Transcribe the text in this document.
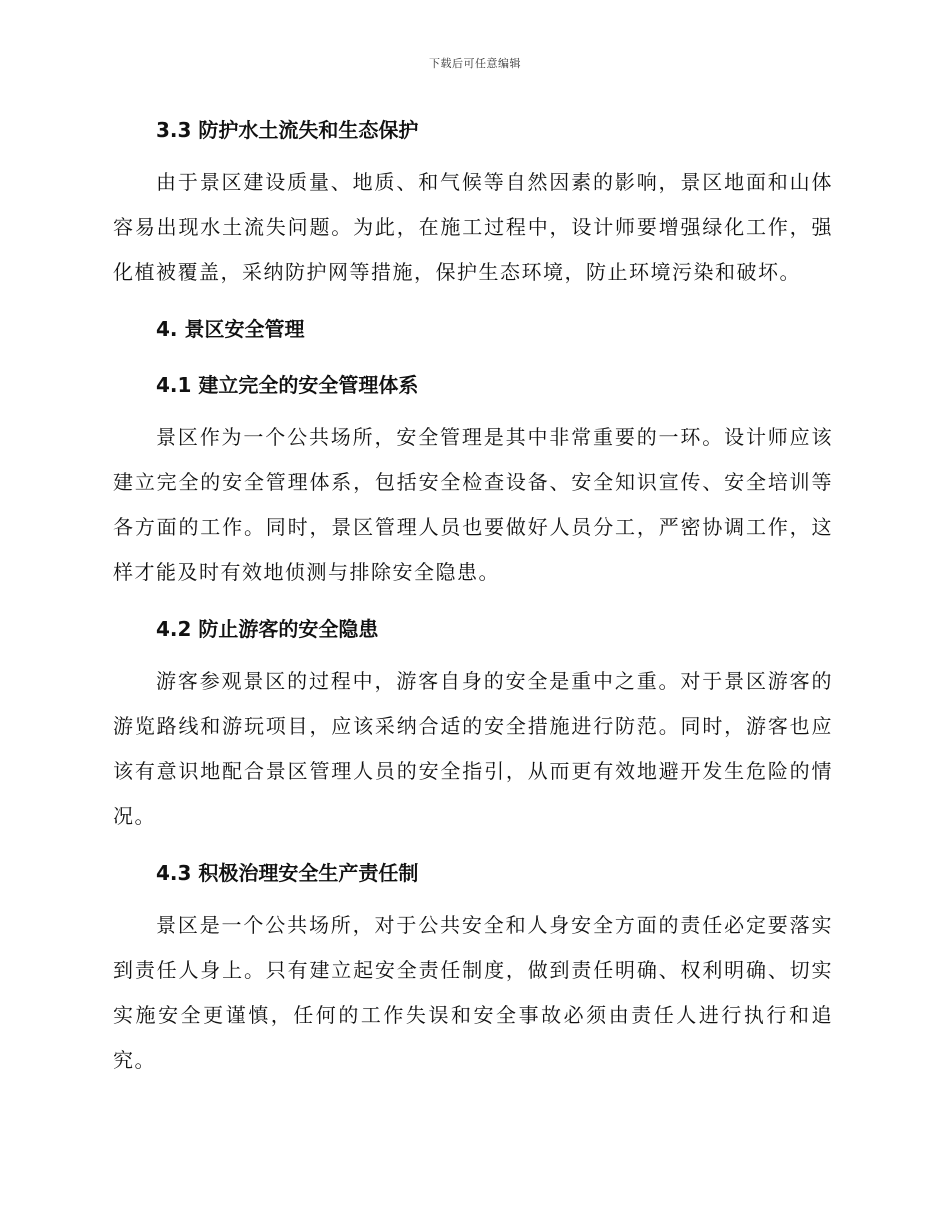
下载后可任意编辑
3.3 防护水土流失和生态保护

由于景区建设质量、地质、和气候等自然因素的影响，景区地面和山体容易出现水土流失问题。为此，在施工过程中，设计师要增强绿化工作，强化植被覆盖，采纳防护网等措施，保护生态环境，防止环境污染和破坏。

4. 景区安全管理
4.1 建立完全的安全管理体系

景区作为一个公共场所，安全管理是其中非常重要的一环。设计师应该建立完全的安全管理体系，包括安全检查设备、安全知识宣传、安全培训等各方面的工作。同时，景区管理人员也要做好人员分工，严密协调工作，这样才能及时有效地侦测与排除安全隐患。

4.2 防止游客的安全隐患

游客参观景区的过程中，游客自身的安全是重中之重。对于景区游客的游览路线和游玩项目，应该采纳合适的安全措施进行防范。同时，游客也应该有意识地配合景区管理人员的安全指引，从而更有效地避开发生危险的情况。

4.3 积极治理安全生产责任制

景区是一个公共场所，对于公共安全和人身安全方面的责任必定要落实到责任人身上。只有建立起安全责任制度，做到责任明确、权利明确、切实实施安全更谨慎，任何的工作失误和安全事故必须由责任人进行执行和追究。
